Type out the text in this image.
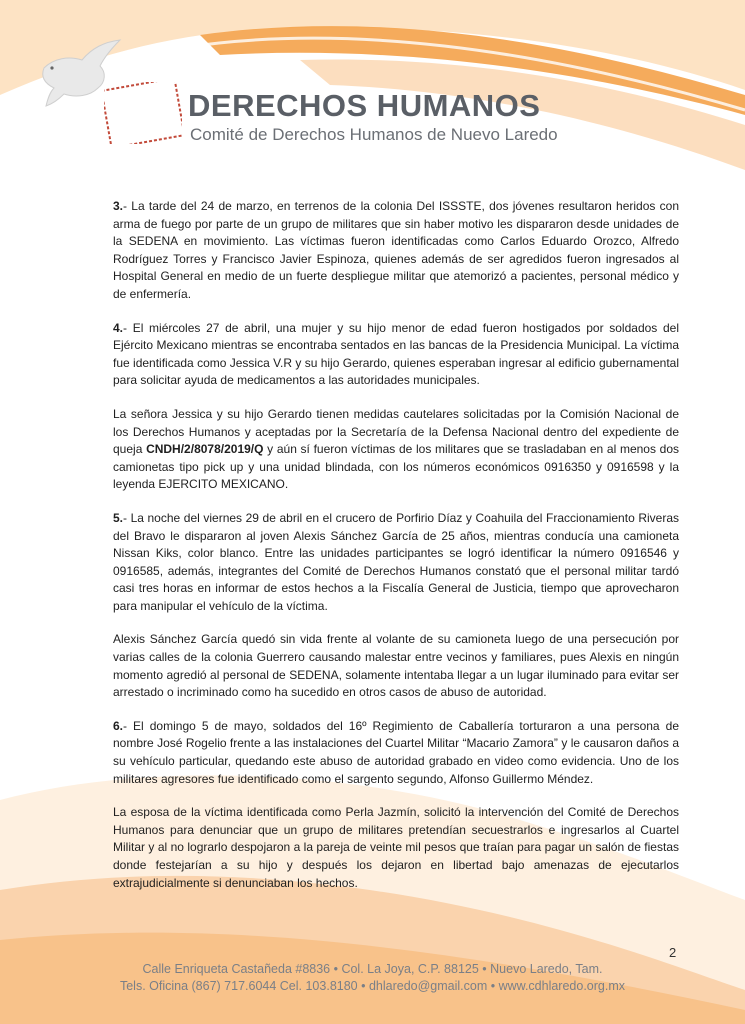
DERECHOS HUMANOS

Comité de Derechos Humanos de Nuevo Laredo

3.- La tarde del 24 de marzo, en terrenos de la colonia Del ISSSTE, dos jóvenes resultaron heridos con arma de fuego por parte de un grupo de militares que sin haber motivo les dispararon desde unidades de la SEDENA en movimiento. Las víctimas fueron identificadas como Carlos Eduardo Orozco, Alfredo Rodríguez Torres y Francisco Javier Espinoza, quienes además de ser agredidos fueron ingresados al Hospital General en medio de un fuerte despliegue militar que atemorizó a pacientes, personal médico y de enfermería.

4.- El miércoles 27 de abril, una mujer y su hijo menor de edad fueron hostigados por soldados del Ejército Mexicano mientras se encontraba sentados en las bancas de la Presidencia Municipal. La víctima fue identificada como Jessica V.R y su hijo Gerardo, quienes esperaban ingresar al edificio gubernamental para solicitar ayuda de medicamentos a las autoridades municipales.

La señora Jessica y su hijo Gerardo tienen medidas cautelares solicitadas por la Comisión Nacional de los Derechos Humanos y aceptadas por la Secretaría de la Defensa Nacional dentro del expediente de queja CNDH/2/8078/2019/Q y aún sí fueron víctimas de los militares que se trasladaban en al menos dos camionetas tipo pick up y una unidad blindada, con los números económicos 0916350 y 0916598 y la leyenda EJERCITO MEXICANO.

5.- La noche del viernes 29 de abril en el crucero de Porfirio Díaz y Coahuila del Fraccionamiento Riveras del Bravo le dispararon al joven Alexis Sánchez García de 25 años, mientras conducía una camioneta Nissan Kiks, color blanco. Entre las unidades participantes se logró identificar la número 0916546 y 0916585, además, integrantes del Comité de Derechos Humanos constató que el personal militar tardó casi tres horas en informar de estos hechos a la Fiscalía General de Justicia, tiempo que aprovecharon para manipular el vehículo de la víctima.

Alexis Sánchez García quedó sin vida frente al volante de su camioneta luego de una persecución por varias calles de la colonia Guerrero causando malestar entre vecinos y familiares, pues Alexis en ningún momento agredió al personal de SEDENA, solamente intentaba llegar a un lugar iluminado para evitar ser arrestado o incriminado como ha sucedido en otros casos de abuso de autoridad.

6.- El domingo 5 de mayo, soldados del 16º Regimiento de Caballería torturaron a una persona de nombre José Rogelio frente a las instalaciones del Cuartel Militar “Macario Zamora” y le causaron daños a su vehículo particular, quedando este abuso de autoridad grabado en video como evidencia. Uno de los militares agresores fue identificado como el sargento segundo, Alfonso Guillermo Méndez.

La esposa de la víctima identificada como Perla Jazmín, solicitó la intervención del Comité de Derechos Humanos para denunciar que un grupo de militares pretendían secuestrarlos e ingresarlos al Cuartel Militar y al no lograrlo despojaron a la pareja de veinte mil pesos que traían para pagar un salón de fiestas donde festejarían a su hijo y después los dejaron en libertad bajo amenazas de ejecutarlos extrajudicialmente si denunciaban los hechos.

2
Calle Enriqueta Castañeda #8836 • Col. La Joya, C.P. 88125 • Nuevo Laredo, Tam.
Tels. Oficina (867) 717.6044 Cel. 103.8180 • dhlaredo@gmail.com • www.cdhlaredo.org.mx
